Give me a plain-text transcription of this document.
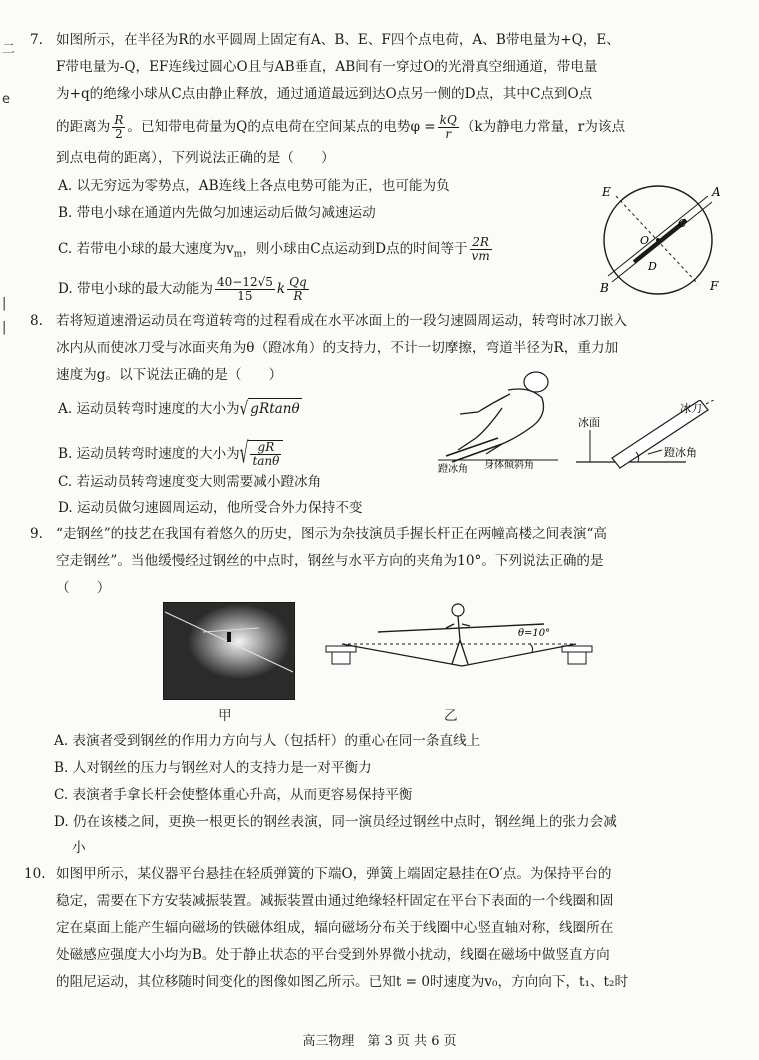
二
e
|
|
7. 如图所示，在半径为R的水平圆周上固定有A、B、E、F四个点电荷，A、B带电量为+Q，E、
F带电量为-Q，EF连线过圆心O且与AB垂直，AB间有一穿过O的光滑真空细通道，带电量
为+q的绝缘小球从C点由静止释放，通过通道最远到达O点另一侧的D点，其中C点到O点
的距离为 $\frac{R}{2}$ 。已知带电荷量为Q的点电荷在空间某点的电势$\varphi = \frac{kQ}{r} (k$为静电力常量，r为该点
到点电荷的距离），下列说法正确的是（　　）
A. 以无穷远为零势点，AB连线上各点电势可能为正，也可能为负
B. 带电小球在通道内先做匀加速运动后做匀减速运动
C. 若带电小球的最大速度为$v_m$，则小球由C点运动到D点的时间等于 $\frac{2R}{vm}$
D. 带电小球的最大动能为 $\frac{40-12√5}{15}$ k $\frac{Qq}{R}$
E	A
O
C
D
B	F
8. 若将短道速滑运动员在弯道转弯的过程看成在水平冰面上的一段匀速圆周运动，转弯时冰刀嵌入
冰内从而使冰刀受与冰面夹角为θ（蹬冰角）的支持力，不计一切摩擦，弯道半径为R，重力加
速度为g。以下说法正确的是（　　）
A. 运动员转弯时速度的大小为√ gRtanθ
B. 运动员转弯时速度的大小为√ $\frac{gR}{\tan\theta}$
C. 若运动员转弯速度变大则需要减小蹬冰角
D. 运动员做匀速圆周运动，他所受合外力保持不变
蹬冰角 身体倾斜角
冰面
冰刀
蹬冰角
9. “走钢丝”的技艺在我国有着悠久的历史，图示为杂技演员手握长杆正在两幢高楼之间表演“高
空走钢丝”。当他缓慢经过钢丝的中点时，钢丝与水平方向的夹角为10°。下列说法正确的是
（　　）
甲
θ=10°
乙
A. 表演者受到钢丝的作用力方向与人（包括杆）的重心在同一条直线上
B. 人对钢丝的压力与钢丝对人的支持力是一对平衡力
C. 表演者手拿长杆会使整体重心升高，从而更容易保持平衡
D. 仍在该楼之间，更换一根更长的钢丝表演，同一演员经过钢丝中点时，钢丝绳上的张力会减
小
10. 如图甲所示，某仪器平台悬挂在轻质弹簧的下端O，弹簧上端固定悬挂在O′点。为保持平台的
稳定，需要在下方安装减振装置。减振装置由通过绝缘轻杆固定在平台下表面的一个线圈和固
定在桌面上能产生辐向磁场的铁磁体组成，辐向磁场分布关于线圈中心竖直轴对称，线圈所在
处磁感应强度大小均为B。处于静止状态的平台受到外界微小扰动，线圈在磁场中做竖直方向
的阻尼运动，其位移随时间变化的图像如图乙所示。已知t = 0时速度为v₀，方向向下，t₁、t₂时
高三物理　第 3 页 共 6 页
